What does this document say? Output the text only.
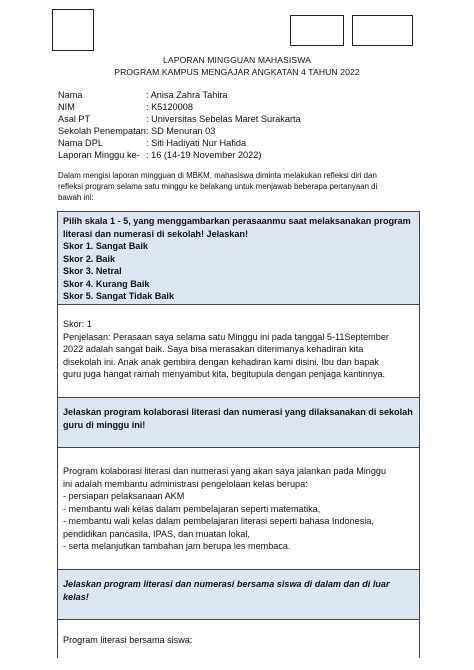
LAPORAN MINGGUAN MAHASISWA
PROGRAM KAMPUS MENGAJAR ANGKATAN 4 TAHUN 2022
Nama	: Anisa Zahra Tahira
NIM	: K5120008
Asal PT	: Universitas Sebelas Maret Surakarta
Sekolah Penempatan: SD Menuran 03
Nama DPL	: Siti Hadiyati Nur Hafida
Laporan Minggu ke- : 16 (14-19 November 2022)
Dalam mengisi laporan mingguan di MBKM, mahasiswa diminta melakukan refleksi diri dan
refleksi program selama satu minggu ke belakang untuk menjawab beberapa pertanyaan di
bawah ini:
Pilih skala 1 - 5, yang menggambarkan perasaanmu saat melaksanakan program
literasi dan numerasi di sekolah! Jelaskan!
Skor 1. Sangat Baik
Skor 2. Baik
Skor 3. Netral
Skor 4. Kurang Baik
Skor 5. Sangat Tidak Baik

Skor: 1
Penjelasan: Perasaan saya selama satu Minggu ini pada tanggal 5-11September
2022 adalah sangat baik. Saya bisa merasakan diterimanya kehadiran kita
disekolah ini. Anak anak gembira dengan kehadiran kami disini. Ibu dan bapak
guru juga hangat ramah menyambut kita, begitupula dengan penjaga kantinnya.

Jelaskan program kolaborasi literasi dan numerasi yang dilaksanakan di sekolah
guru di minggu ini!

Program kolaborasi literasi dan numerasi yang akan saya jalankan pada Minggu
ini adalah membantu administrasi pengelolaan kelas berupa:
- persiapan pelaksanaan AKM
- membantu wali kelas dalam pembelajaran seperti matematika,
- membantu wali kelas dalam pembelajaran literasi seperti bahasa Indonesia,
pendidikan pancasila, IPAS, dan muatan lokal,
- serta melanjutkan tambahan jam berupa les membaca.

Jelaskan program literasi dan numerasi bersama siswa di dalam dan di luar
kelas!

Program literasi bersama siswa:
